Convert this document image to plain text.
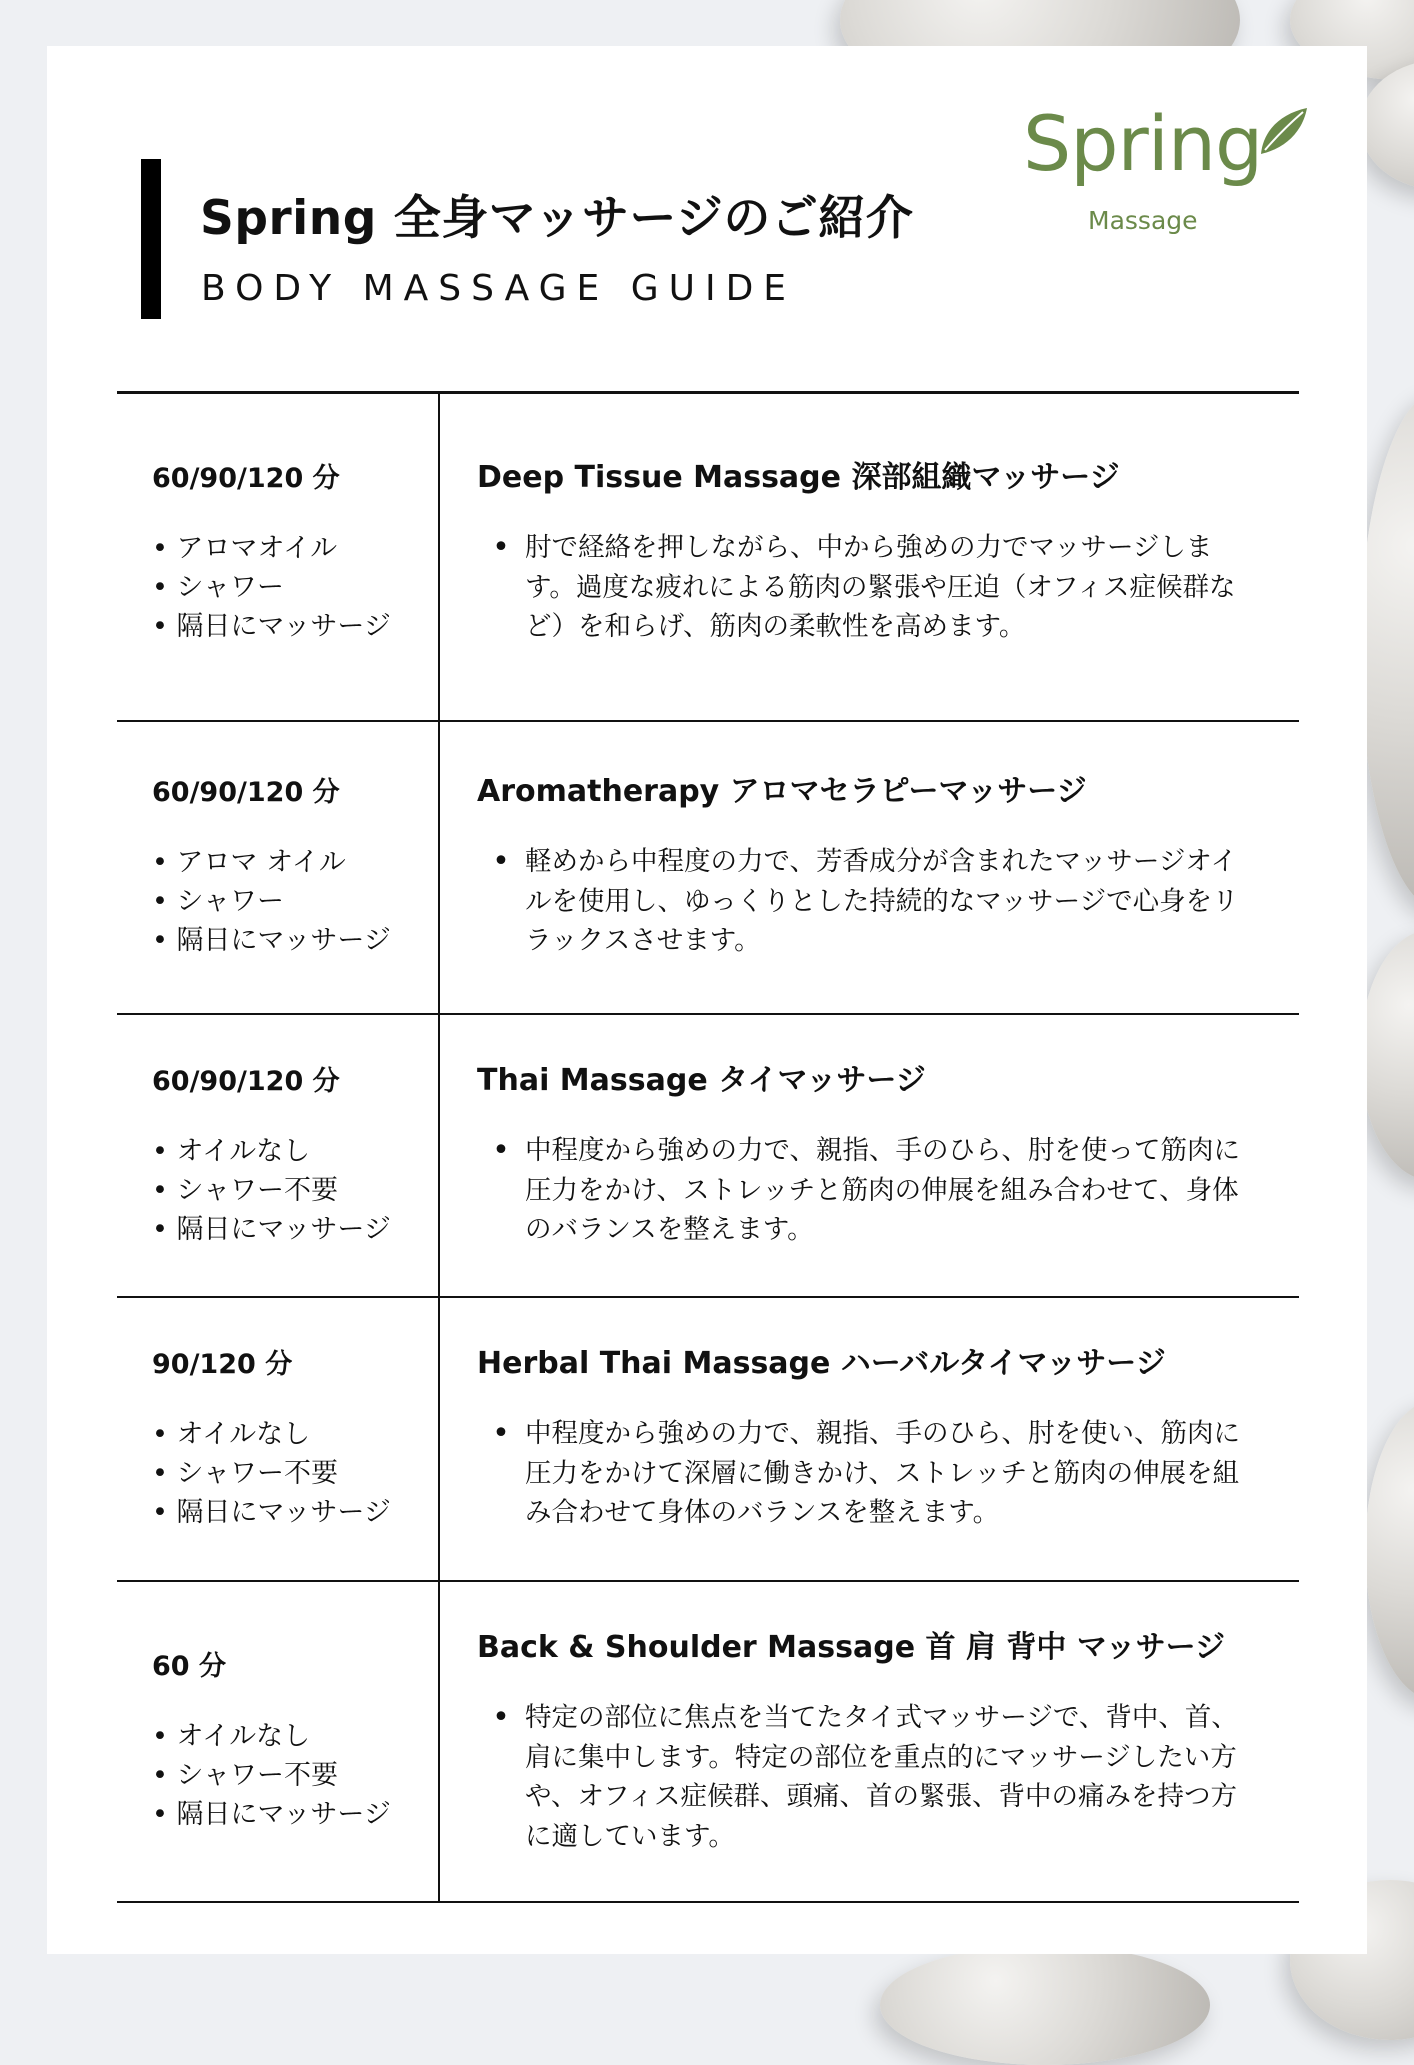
Spring 全身マッサージのご紹介
BODY MASSAGE GUIDE
Spring
Massage

60/90/120 分

• アロマオイル
• シャワー
• 隔日にマッサージ

Deep Tissue Massage 深部組織マッサージ

• 肘で経絡を押しながら、中から強めの力でマッサージします。過度な疲れによる筋肉の緊張や圧迫（オフィス症候群など）を和らげ、筋肉の柔軟性を高めます。

60/90/120 分

• アロマ オイル
• シャワー
• 隔日にマッサージ

Aromatherapy アロマセラピーマッサージ

• 軽めから中程度の力で、芳香成分が含まれたマッサージオイルを使用し、ゆっくりとした持続的なマッサージで心身をリラックスさせます。

60/90/120 分

• オイルなし
• シャワー不要
• 隔日にマッサージ

Thai Massage タイマッサージ

• 中程度から強めの力で、親指、手のひら、肘を使って筋肉に圧力をかけ、ストレッチと筋肉の伸展を組み合わせて、身体のバランスを整えます。

90/120 分

• オイルなし
• シャワー不要
• 隔日にマッサージ

Herbal Thai Massage ハーバルタイマッサージ

• 中程度から強めの力で、親指、手のひら、肘を使い、筋肉に圧力をかけて深層に働きかけ、ストレッチと筋肉の伸展を組み合わせて身体のバランスを整えます。

60 分

• オイルなし
• シャワー不要
• 隔日にマッサージ

Back & Shoulder Massage 首 肩 背中 マッサージ

• 特定の部位に焦点を当てたタイ式マッサージで、背中、首、肩に集中します。特定の部位を重点的にマッサージしたい方や、オフィス症候群、頭痛、首の緊張、背中の痛みを持つ方に適しています。
